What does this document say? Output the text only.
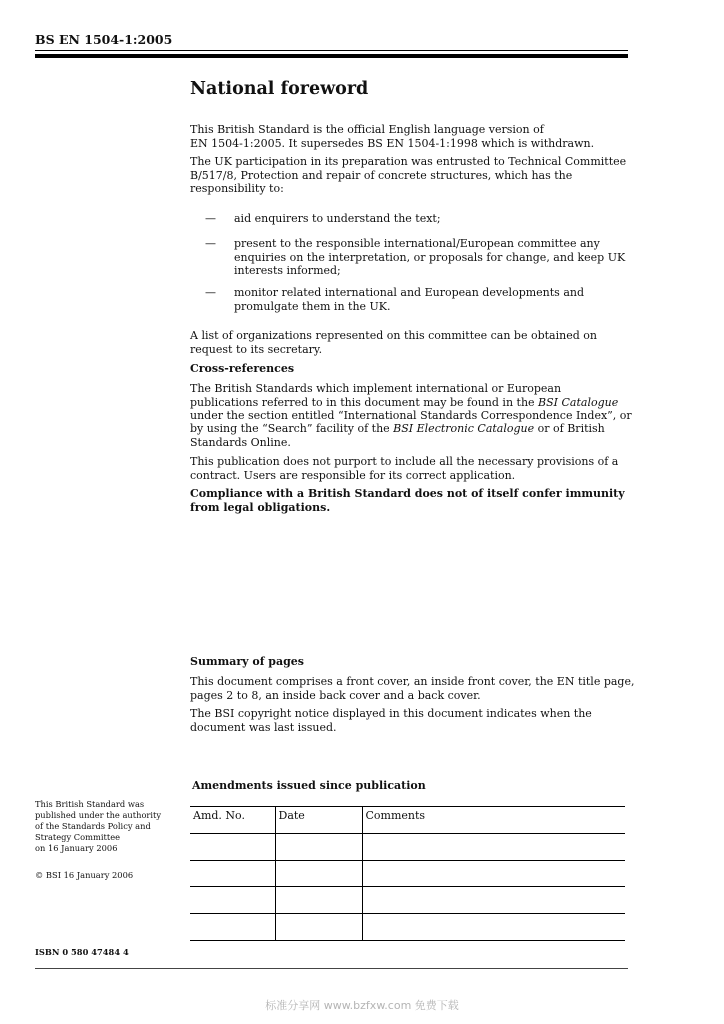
BS EN 1504-1:2005
National foreword
This British Standard is the official English language version of
EN 1504-1:2005. It supersedes BS EN 1504-1:1998 which is withdrawn.
The UK participation in its preparation was entrusted to Technical Committee
B/517/8, Protection and repair of concrete structures, which has the
responsibility to:
— aid enquirers to understand the text;
— present to the responsible international/European committee any
enquiries on the interpretation, or proposals for change, and keep UK
interests informed;
— monitor related international and European developments and
promulgate them in the UK.
A list of organizations represented on this committee can be obtained on
request to its secretary.
Cross-references
The British Standards which implement international or European
publications referred to in this document may be found in the BSI Catalogue
under the section entitled “International Standards Correspondence Index”, or
by using the “Search” facility of the BSI Electronic Catalogue or of British
Standards Online.
This publication does not purport to include all the necessary provisions of a
contract. Users are responsible for its correct application.
Compliance with a British Standard does not of itself confer immunity
from legal obligations.
Summary of pages
This document comprises a front cover, an inside front cover, the EN title page,
pages 2 to 8, an inside back cover and a back cover.
The BSI copyright notice displayed in this document indicates when the
document was last issued.
Amendments issued since publication
Amd. No.	Date	Comments

This British Standard was
published under the authority
of the Standards Policy and
Strategy Committee
on 16 January 2006
© BSI 16 January 2006
ISBN 0 580 47484 4
标准分享网 www.bzfxw.com 免费下载
